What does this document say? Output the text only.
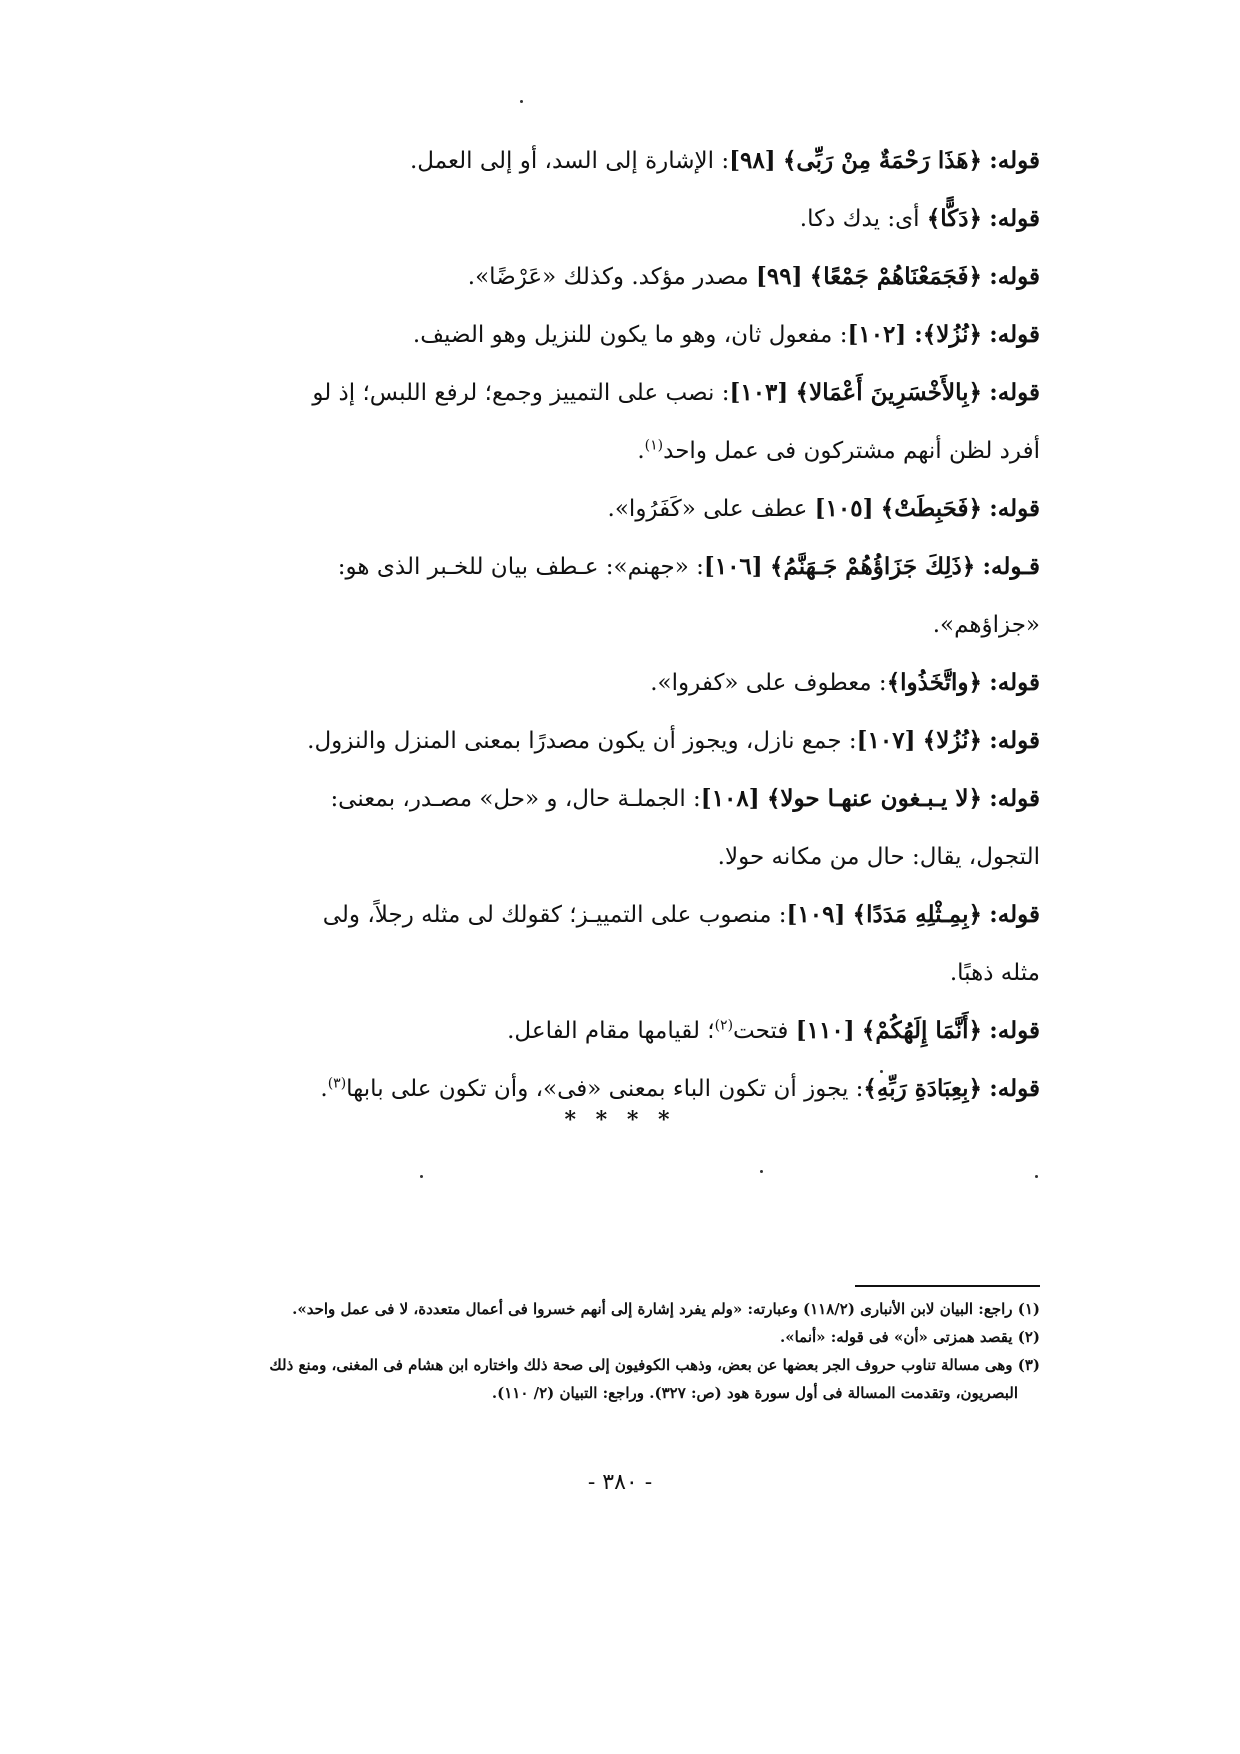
قوله: ﴿هَذَا رَحْمَةٌ مِنْ رَبِّى﴾ [٩٨]: الإشارة إلى السد، أو إلى العمل.
قوله: ﴿دَكًّا﴾ أى: يدك دكا.
قوله: ﴿فَجَمَعْنَاهُمْ جَمْعًا﴾ [٩٩] مصدر مؤكد. وكذلك «عَرْضًا».
قوله: ﴿نُزُلا﴾: [١٠٢]: مفعول ثان، وهو ما يكون للنزيل وهو الضيف.
قوله: ﴿بِالأَخْسَرِينَ أَعْمَالا﴾ [١٠٣]: نصب على التمييز وجمع؛ لرفع اللبس؛ إذ لو
أفرد لظن أنهم مشتركون فى عمل واحد$^{(١)}$.
قوله: ﴿فَحَبِطَتْ﴾ [١٠٥] عطف على «كَفَرُوا».
قـوله: ﴿ذَلِكَ جَزَاؤُهُمْ جَـهَنَّمُ﴾ [١٠٦]: «جهنم»: عـطف بيان للخـبر الذى هو:
«جزاؤهم».
قوله: ﴿واتَّخَذُوا﴾: معطوف على «كفروا».
قوله: ﴿نُزُلا﴾ [١٠٧]: جمع نازل، ويجوز أن يكون مصدرًا بمعنى المنزل والنزول.
قوله: ﴿لا يـبـغون عنهـا حولا﴾ [١٠٨]: الجملـة حال، و «حل» مصـدر، بمعنى:
التجول، يقال: حال من مكانه حولا.
قوله: ﴿بِمِـثْلِهِ مَدَدًا﴾ [١٠٩]: منصوب على التمييـز؛ كقولك لى مثله رجلاً، ولى
مثله ذهبًا.
قوله: ﴿أَنَّمَا إِلَهُكُمْ﴾ [١١٠] فتحت$^{(٢)}$؛ لقيامها مقام الفاعل.
قوله: ﴿بِعِبَادَةِ رَبِّهِ﴾: يجوز أن تكون الباء بمعنى «فى»، وأن تكون على بابها$^{(٣)}$.
* * * *
(١) راجع: البيان لابن الأنبارى (١١٨/٢) وعبارته: «ولم يفرد إشارة إلى أنهم خسروا فى أعمال متعددة، لا فى عمل واحد».
(٢) يقصد همزتى «أن» فى قوله: «أنما».
(٣) وهى مسالة تناوب حروف الجر بعضها عن بعض، وذهب الكوفيون إلى صحة ذلك واختاره ابن هشام فى المغنى، ومنع ذلك
البصريون، وتقدمت المسالة فى أول سورة هود (ص: ٣٢٧). وراجع: التبيان (٢/ ١١٠).
- ٣٨٠ -
